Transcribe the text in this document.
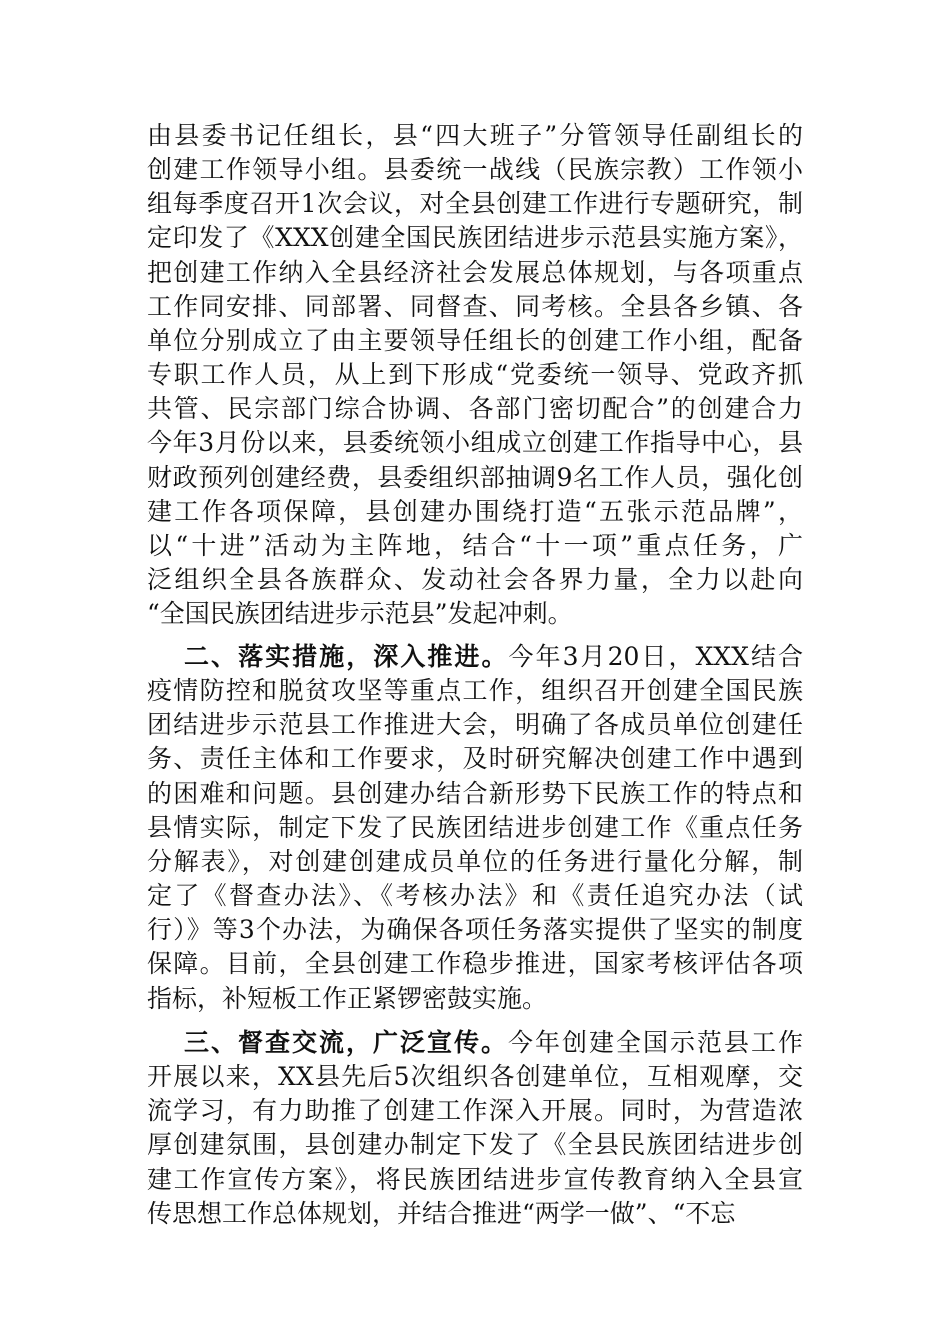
由县委书记任组长，县“四大班子”分管领导任副组长的
创建工作领导小组。县委统一战线（民族宗教）工作领小
组每季度召开1次会议，对全县创建工作进行专题研究，制
定印发了《XXX创建全国民族团结进步示范县实施方案》，
把创建工作纳入全县经济社会发展总体规划，与各项重点
工作同安排、同部署、同督查、同考核。全县各乡镇、各
单位分别成立了由主要领导任组长的创建工作小组，配备
专职工作人员，从上到下形成“党委统一领导、党政齐抓
共管、民宗部门综合协调、各部门密切配合”的创建合力
今年3月份以来，县委统领小组成立创建工作指导中心，县
财政预列创建经费，县委组织部抽调9名工作人员，强化创
建工作各项保障，县创建办围绕打造“五张示范品牌”，
以“十进”活动为主阵地，结合“十一项”重点任务，广
泛组织全县各族群众、发动社会各界力量，全力以赴向
“全国民族团结进步示范县”发起冲刺。
二、落实措施，深入推进。今年3月20日，XXX结合
疫情防控和脱贫攻坚等重点工作，组织召开创建全国民族
团结进步示范县工作推进大会，明确了各成员单位创建任
务、责任主体和工作要求，及时研究解决创建工作中遇到
的困难和问题。县创建办结合新形势下民族工作的特点和
县情实际，制定下发了民族团结进步创建工作《重点任务
分解表》，对创建创建成员单位的任务进行量化分解，制
定了《督查办法》、《考核办法》和《责任追究办法（试
行）》等3个办法，为确保各项任务落实提供了坚实的制度
保障。目前，全县创建工作稳步推进，国家考核评估各项
指标，补短板工作正紧锣密鼓实施。
三、督查交流，广泛宣传。今年创建全国示范县工作
开展以来，XX县先后5次组织各创建单位，互相观摩，交
流学习，有力助推了创建工作深入开展。同时，为营造浓
厚创建氛围，县创建办制定下发了《全县民族团结进步创
建工作宣传方案》，将民族团结进步宣传教育纳入全县宣
传思想工作总体规划，并结合推进“两学一做”、“不忘
